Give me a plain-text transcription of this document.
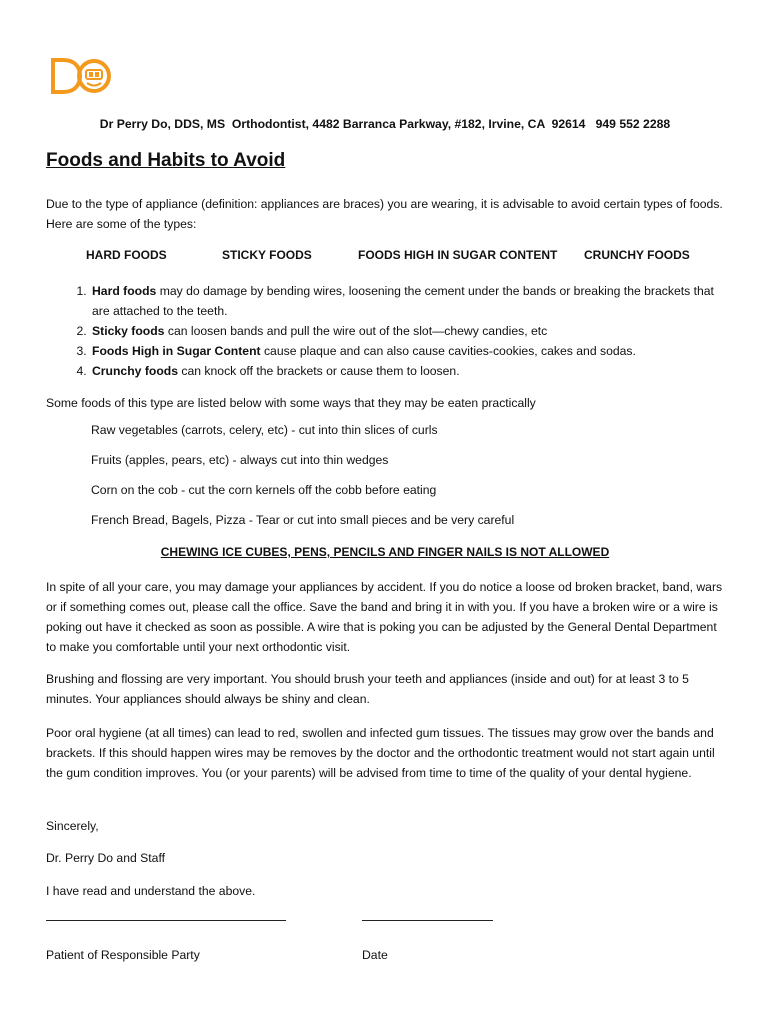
Dr Perry Do, DDS, MS  Orthodontist, 4482 Barranca Parkway, #182, Irvine, CA  92614   949 552 2288
Foods and Habits to Avoid
Due to the type of appliance (definition: appliances are braces) you are wearing, it is advisable to avoid certain types of foods. Here are some of the types:
HARD FOODS	STICKY FOODS	FOODS HIGH IN SUGAR CONTENT CRUNCHY FOODS
1. Hard foods may do damage by bending wires, loosening the cement under the bands or breaking the brackets that are attached to the teeth.
2. Sticky foods can loosen bands and pull the wire out of the slot—chewy candies, etc
3. Foods High in Sugar Content cause plaque and can also cause cavities-cookies, cakes and sodas.
4. Crunchy foods can knock off the brackets or cause them to loosen.
Some foods of this type are listed below with some ways that they may be eaten practically
Raw vegetables (carrots, celery, etc) - cut into thin slices of curls
Fruits (apples, pears, etc) - always cut into thin wedges
Corn on the cob - cut the corn kernels off the cobb before eating
French Bread, Bagels, Pizza - Tear or cut into small pieces and be very careful
CHEWING ICE CUBES, PENS, PENCILS AND FINGER NAILS IS NOT ALLOWED
In spite of all your care, you may damage your appliances by accident. If you do notice a loose od broken bracket, band, wars or if something comes out, please call the office. Save the band and bring it in with you. If you have a broken wire or a wire is poking out have it checked as soon as possible. A wire that is poking you can be adjusted by the General Dental Department to make you comfortable until your next orthodontic visit.
Brushing and flossing are very important. You should brush your teeth and appliances (inside and out) for at least 3 to 5 minutes. Your appliances should always be shiny and clean.
Poor oral hygiene (at all times) can lead to red, swollen and infected gum tissues. The tissues may grow over the bands and brackets. If this should happen wires may be removes by the doctor and the orthodontic treatment would not start again until the gum condition improves. You (or your parents) will be advised from time to time of the quality of your dental hygiene.
Sincerely,
Dr. Perry Do and Staff
I have read and understand the above.
Patient of Responsible Party	Date
